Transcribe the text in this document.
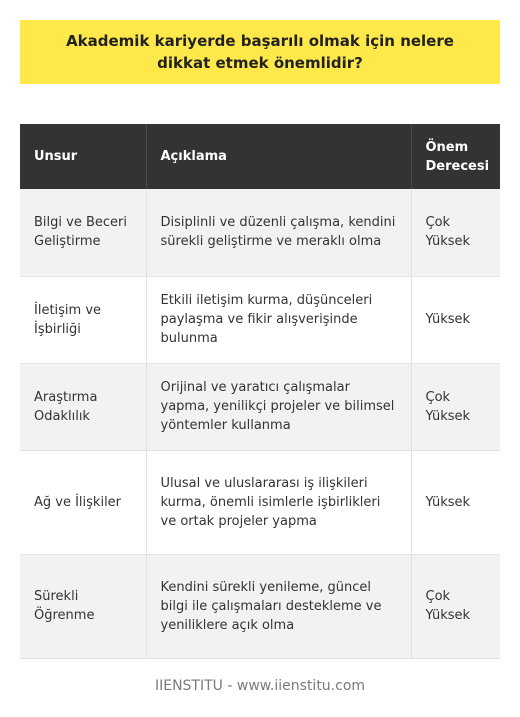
Akademik kariyerde başarılı olmak için nelere dikkat etmek önemlidir?
Unsur	Açıklama	Önem Derecesi
Bilgi ve Beceri Geliştirme	Disiplinli ve düzenli çalışma, kendini sürekli geliştirme ve meraklı olma	Çok Yüksek
İletişim ve İşbirliği	Etkili iletişim kurma, düşünceleri paylaşma ve fikir alışverişinde bulunma	Yüksek
Araştırma Odaklılık	Orijinal ve yaratıcı çalışmalar yapma, yenilikçi projeler ve bilimsel yöntemler kullanma	Çok Yüksek
Ağ ve İlişkiler	Ulusal ve uluslararası iş ilişkileri kurma, önemli isimlerle işbirlikleri ve ortak projeler yapma	Yüksek
Sürekli Öğrenme	Kendini sürekli yenileme, güncel bilgi ile çalışmaları destekleme ve yeniliklere açık olma	Çok Yüksek
IIENSTITU - www.iienstitu.com
